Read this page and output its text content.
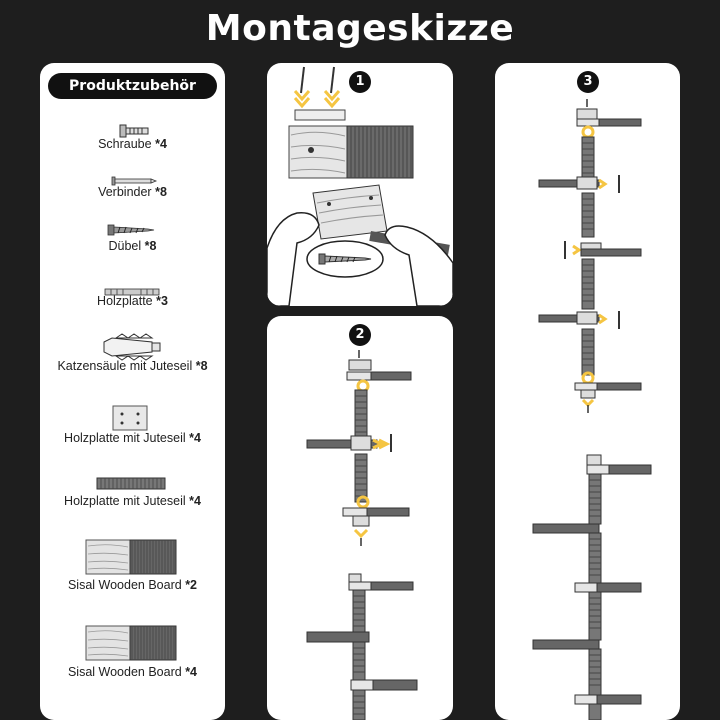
Montageskizze
Produktzubehör
Schraube *4
Verbinder *8
Dübel *8
Holzplatte *3
Katzensäule mit Juteseil *8
Holzplatte mit Juteseil *4
Holzplatte mit Juteseil *4
Sisal Wooden Board *2
Sisal Wooden Board *4
1
2
3
